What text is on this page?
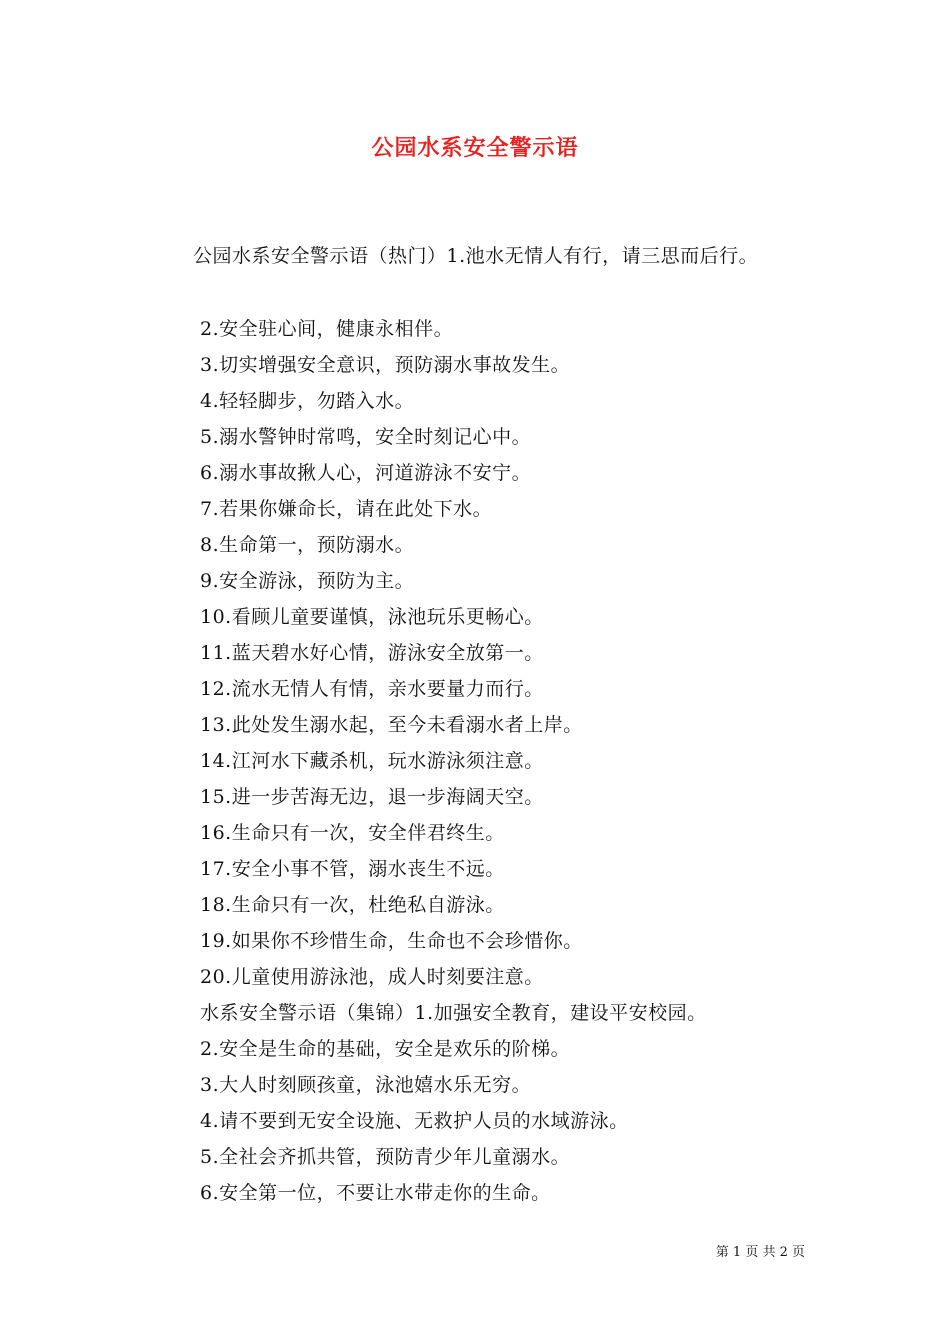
公园水系安全警示语
公园水系安全警示语（热门）1.池水无情人有行，请三思而后行。
2.安全驻心间，健康永相伴。
3.切实增强安全意识，预防溺水事故发生。
4.轻轻脚步，勿踏入水。
5.溺水警钟时常鸣，安全时刻记心中。
6.溺水事故揪人心，河道游泳不安宁。
7.若果你嫌命长，请在此处下水。
8.生命第一，预防溺水。
9.安全游泳，预防为主。
10.看顾儿童要谨慎，泳池玩乐更畅心。
11.蓝天碧水好心情，游泳安全放第一。
12.流水无情人有情，亲水要量力而行。
13.此处发生溺水起，至今未看溺水者上岸。
14.江河水下藏杀机，玩水游泳须注意。
15.进一步苦海无边，退一步海阔天空。
16.生命只有一次，安全伴君终生。
17.安全小事不管，溺水丧生不远。
18.生命只有一次，杜绝私自游泳。
19.如果你不珍惜生命，生命也不会珍惜你。
20.儿童使用游泳池，成人时刻要注意。
水系安全警示语（集锦）1.加强安全教育，建设平安校园。
2.安全是生命的基础，安全是欢乐的阶梯。
3.大人时刻顾孩童，泳池嬉水乐无穷。
4.请不要到无安全设施、无救护人员的水域游泳。
5.全社会齐抓共管，预防青少年儿童溺水。
6.安全第一位，不要让水带走你的生命。
第 1 页 共 2 页
